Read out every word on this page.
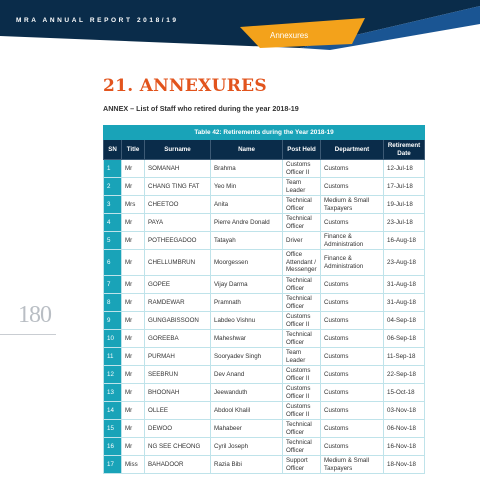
MRA ANNUAL REPORT 2018/19
Annexures
180
21. ANNEXURES
ANNEX – List of Staff who retired during the year 2018-19
Table 42: Retirements during the Year 2018-19						
SN	Title	Surname	Name	Post Held	Department	Retirement Date
1	Mr	SOMANAH	Brahma	Customs Officer II	Customs	12-Jul-18
2	Mr	CHANG TING FAT	Yeo Min	Team Leader	Customs	17-Jul-18
3	Mrs	CHEETOO	Anita	Technical Officer	Medium & Small Taxpayers	19-Jul-18
4	Mr	PAYA	Pierre Andre Donald	Technical Officer	Customs	23-Jul-18
5	Mr	POTHEEGADOO	Tatayah	Driver	Finance & Administration	16-Aug-18
6	Mr	CHELLUMBRUN	Moorgessen	Office Attendant / Messenger	Finance & Administration	23-Aug-18
7	Mr	GOPEE	Vijay Darma	Technical Officer	Customs	31-Aug-18
8	Mr	RAMDEWAR	Pramnath	Technical Officer	Customs	31-Aug-18
9	Mr	GUNGABISSOON	Labdeo Vishnu	Customs Officer II	Customs	04-Sep-18
10	Mr	GOREEBA	Maheshwar	Technical Officer	Customs	06-Sep-18
11	Mr	PURMAH	Sooryadev Singh	Team Leader	Customs	11-Sep-18
12	Mr	SEEBRUN	Dev Anand	Customs Officer II	Customs	22-Sep-18
13	Mr	BHOONAH	Jeewanduth	Customs Officer II	Customs	15-Oct-18
14	Mr	OLLEE	Abdool Khalil	Customs Officer II	Customs	03-Nov-18
15	Mr	DEWOO	Mahabeer	Technical Officer	Customs	06-Nov-18
16	Mr	NG SEE CHEONG	Cyril Joseph	Technical Officer	Customs	16-Nov-18
17	Miss	BAHADOOR	Razia Bibi	Support Officer	Medium & Small Taxpayers	18-Nov-18
